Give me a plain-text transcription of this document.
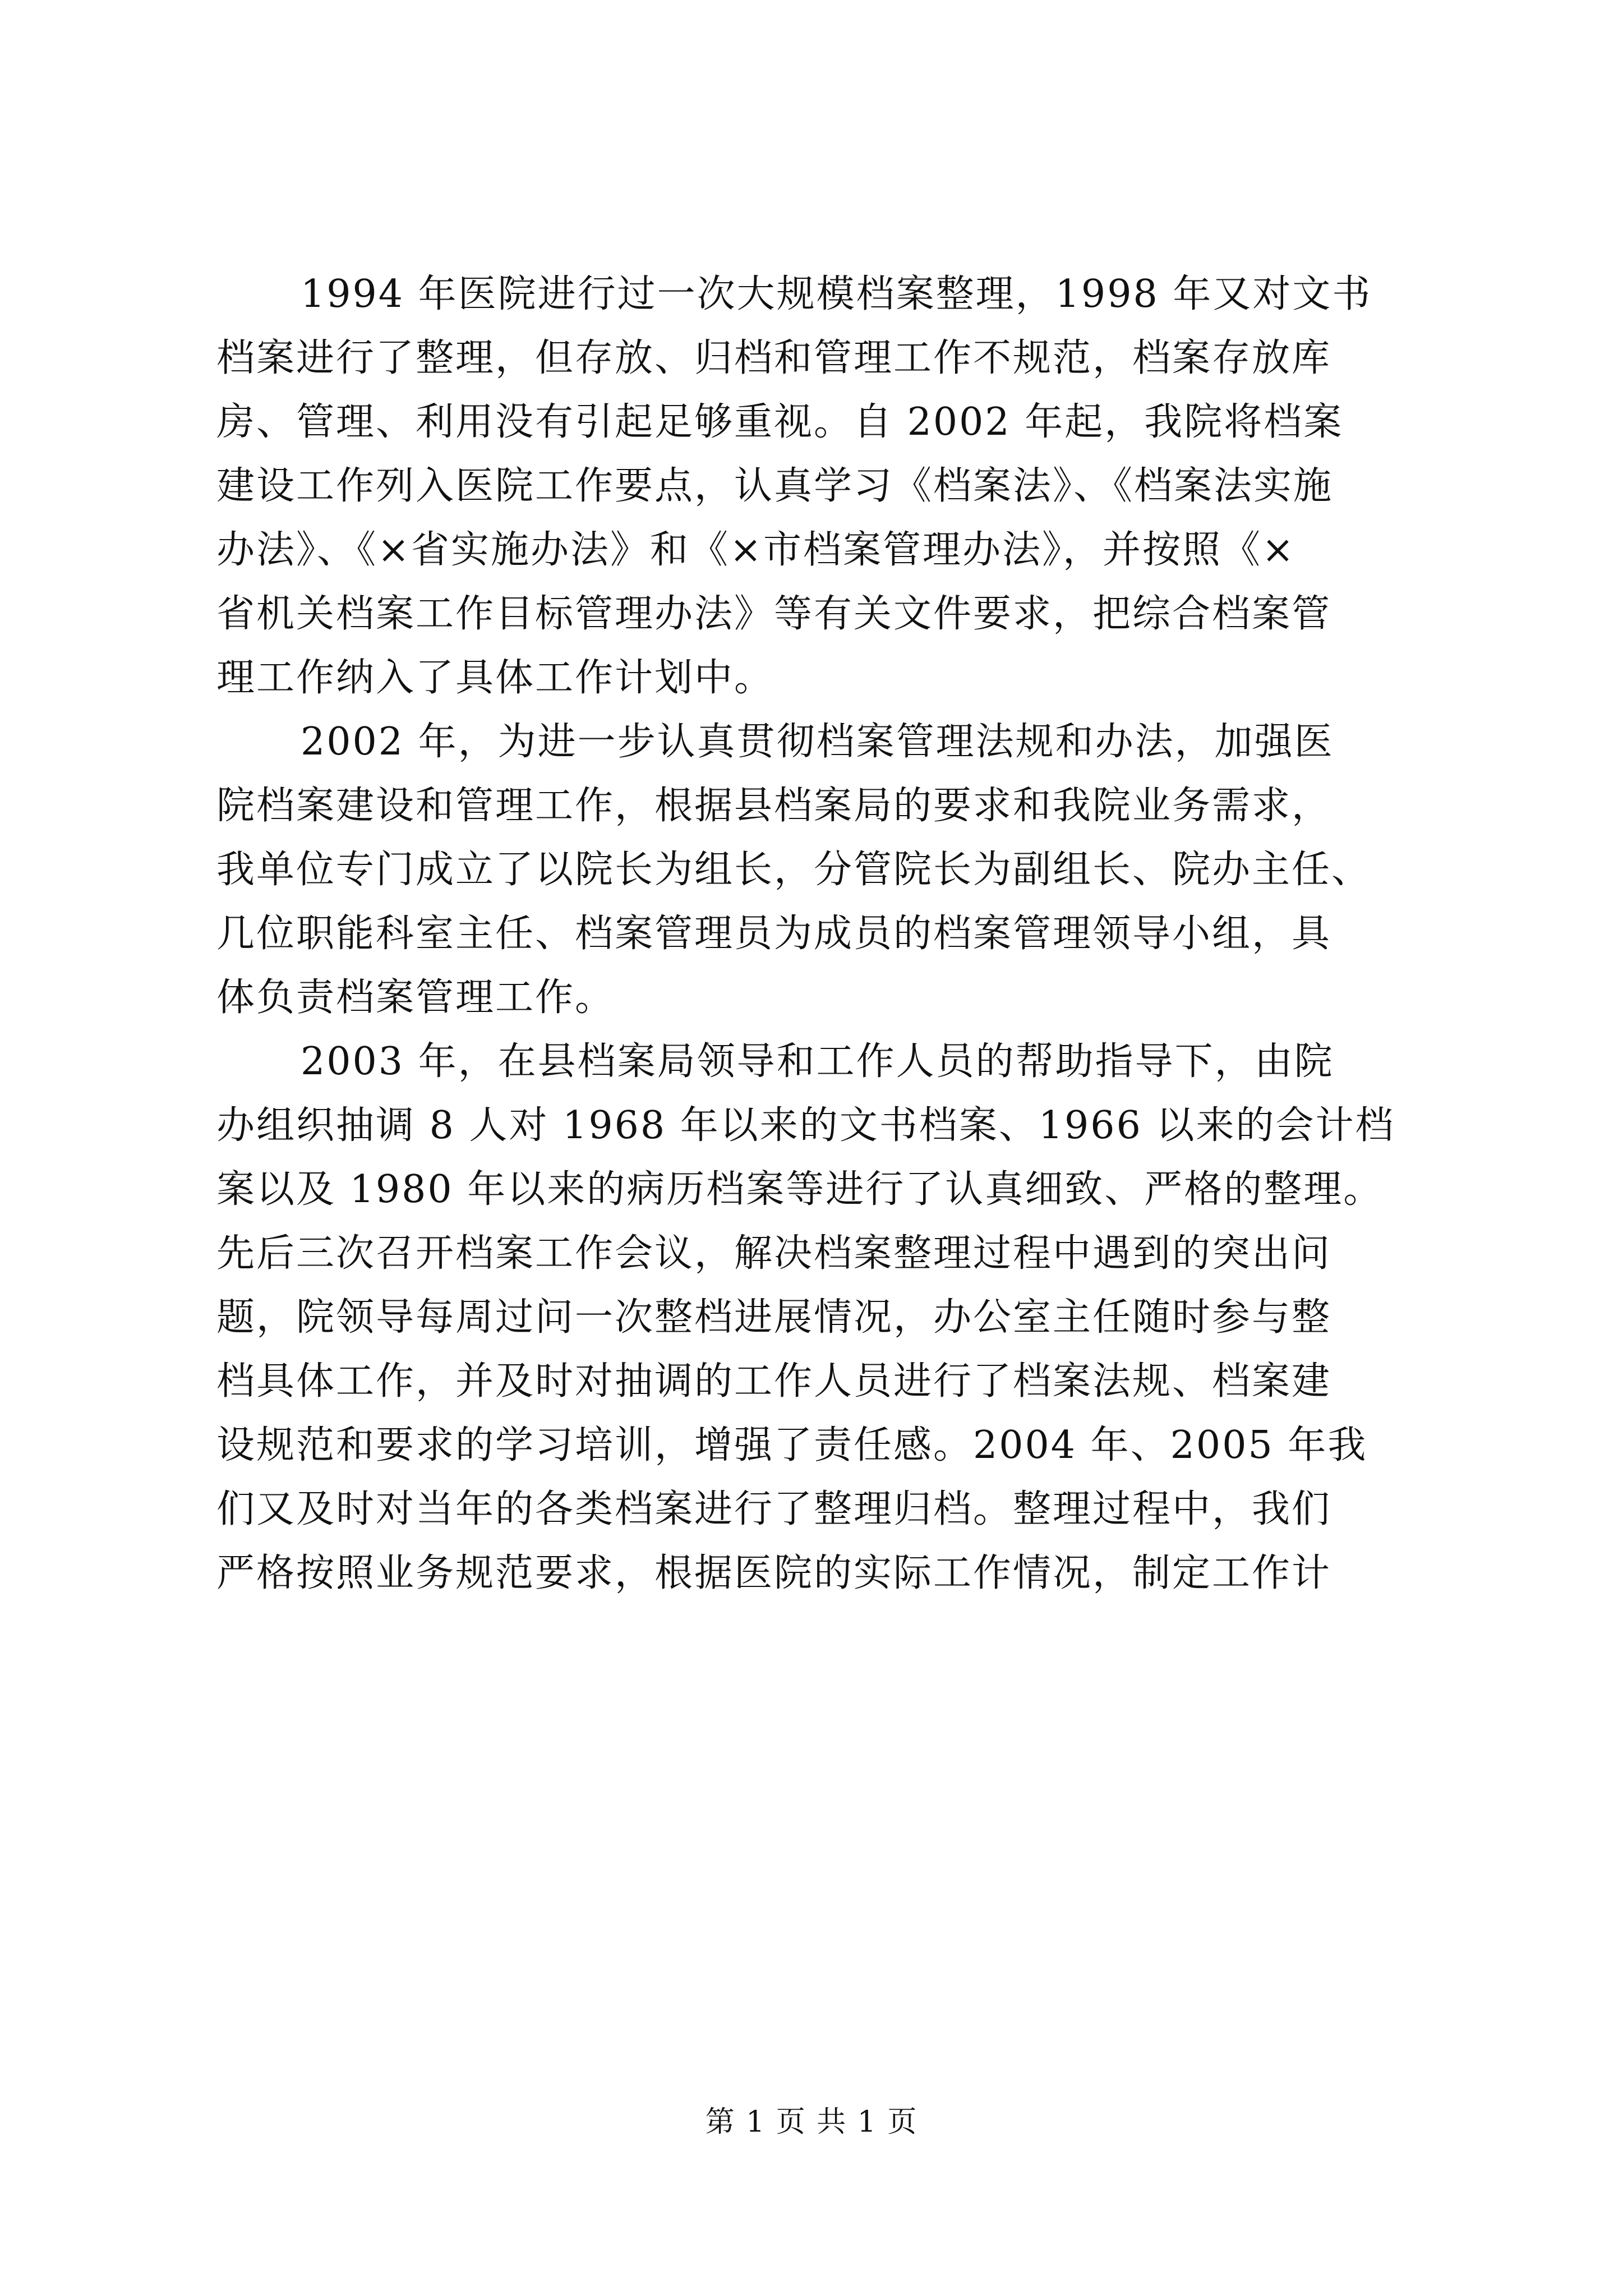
1994 年医院进行过一次大规模档案整理，1998 年又对文书
档案进行了整理，但存放、归档和管理工作不规范，档案存放库
房、管理、利用没有引起足够重视。自 2002 年起，我院将档案
建设工作列入医院工作要点，认真学习《档案法》、《档案法实施
办法》、《×省实施办法》和《×市档案管理办法》，并按照《×
省机关档案工作目标管理办法》等有关文件要求，把综合档案管
理工作纳入了具体工作计划中。
2002 年，为进一步认真贯彻档案管理法规和办法，加强医
院档案建设和管理工作，根据县档案局的要求和我院业务需求，
我单位专门成立了以院长为组长，分管院长为副组长、院办主任、
几位职能科室主任、档案管理员为成员的档案管理领导小组，具
体负责档案管理工作。
2003 年，在县档案局领导和工作人员的帮助指导下，由院
办组织抽调 8 人对 1968 年以来的文书档案、1966 以来的会计档
案以及 1980 年以来的病历档案等进行了认真细致、严格的整理。
先后三次召开档案工作会议，解决档案整理过程中遇到的突出问
题，院领导每周过问一次整档进展情况，办公室主任随时参与整
档具体工作，并及时对抽调的工作人员进行了档案法规、档案建
设规范和要求的学习培训，增强了责任感。2004 年、2005 年我
们又及时对当年的各类档案进行了整理归档。整理过程中，我们
严格按照业务规范要求，根据医院的实际工作情况，制定工作计
第 1 页 共 1 页
